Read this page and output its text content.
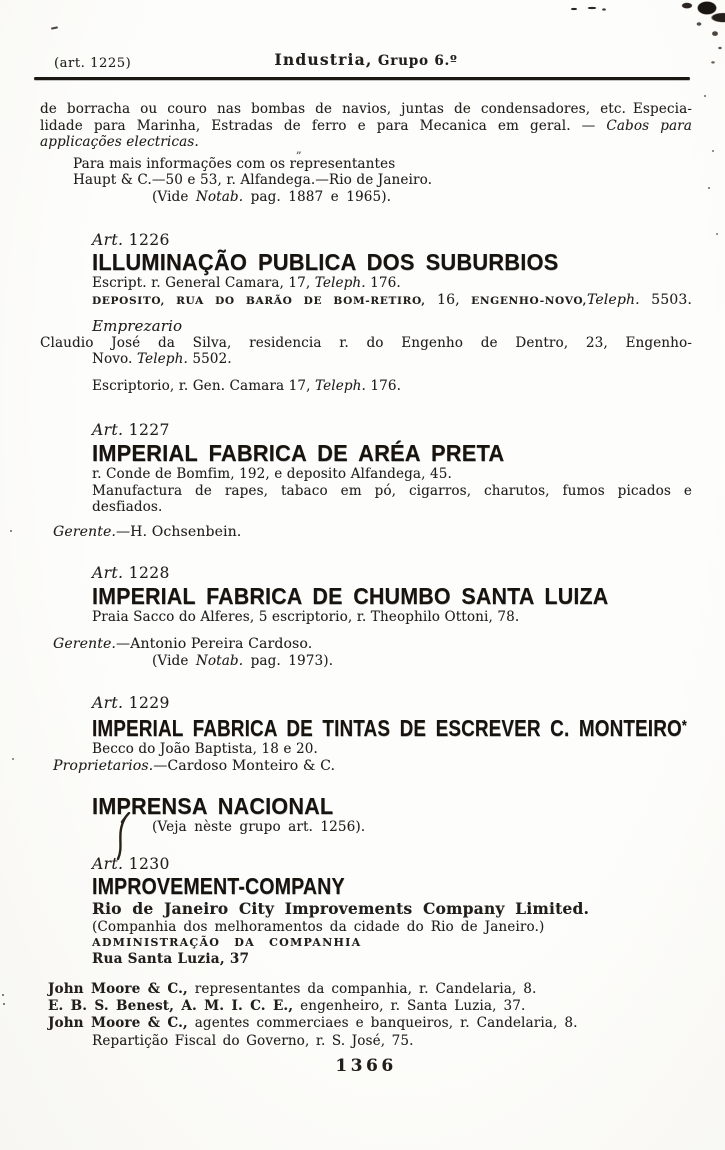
„
(art. 1225)	Industria, Grupo 6.º
de borracha ou couro nas bombas de navios, juntas de condensadores, etc. Especia-
lidade para Marinha, Estradas de ferro e para Mecanica em geral. — Cabos para
applicações electricas.
Para mais informações com os representantes
Haupt & C.—50 e 53, r. Alfandega.—Rio de Janeiro.
(Vide Notab. pag. 1887 e 1965).
Art. 1226
ILLUMINAÇÃO PUBLICA DOS SUBURBIOS
Escript. r. General Camara, 17, Teleph. 176.
DEPOSITO, RUA DO BARÃO DE BOM-RETIRO, 16, ENGENHO-NOVO,Teleph. 5503.
Emprezario
Claudio José da Silva, residencia r. do Engenho de Dentro, 23, Engenho-
Novo. Teleph. 5502.
Escriptorio, r. Gen. Camara 17, Teleph. 176.
Art. 1227
IMPERIAL FABRICA DE ARÉA PRETA
r. Conde de Bomfim, 192, e deposito Alfandega, 45.
Manufactura de rapes, tabaco em pó, cigarros, charutos, fumos picados e
desfiados.
Gerente.—H. Ochsenbein.
Art. 1228
IMPERIAL FABRICA DE CHUMBO SANTA LUIZA
Praia Sacco do Alferes, 5 escriptorio, r. Theophilo Ottoni, 78.
Gerente.—Antonio Pereira Cardoso.
(Vide Notab. pag. 1973).
Art. 1229
IMPERIAL FABRICA DE TINTAS DE ESCREVER C. MONTEIRO*
Becco do João Baptista, 18 e 20.
Proprietarios.—Cardoso Monteiro & C.
IMPRENSA NACIONAL
(Veja nèste grupo art. 1256).
Art. 1230
IMPROVEMENT-COMPANY
Rio de Janeiro City Improvements Company Limited.
(Companhia dos melhoramentos da cidade do Rio de Janeiro.)
ADMINISTRAÇÃO DA COMPANHIA
Rua Santa Luzia, 37
John Moore & C., representantes da companhia, r. Candelaria, 8.
E. B. S. Benest, A. M. I. C. E., engenheiro, r. Santa Luzia, 37.
John Moore & C., agentes commerciaes e banqueiros, r. Candelaria, 8.
Repartição Fiscal do Governo, r. S. José, 75.
1366
